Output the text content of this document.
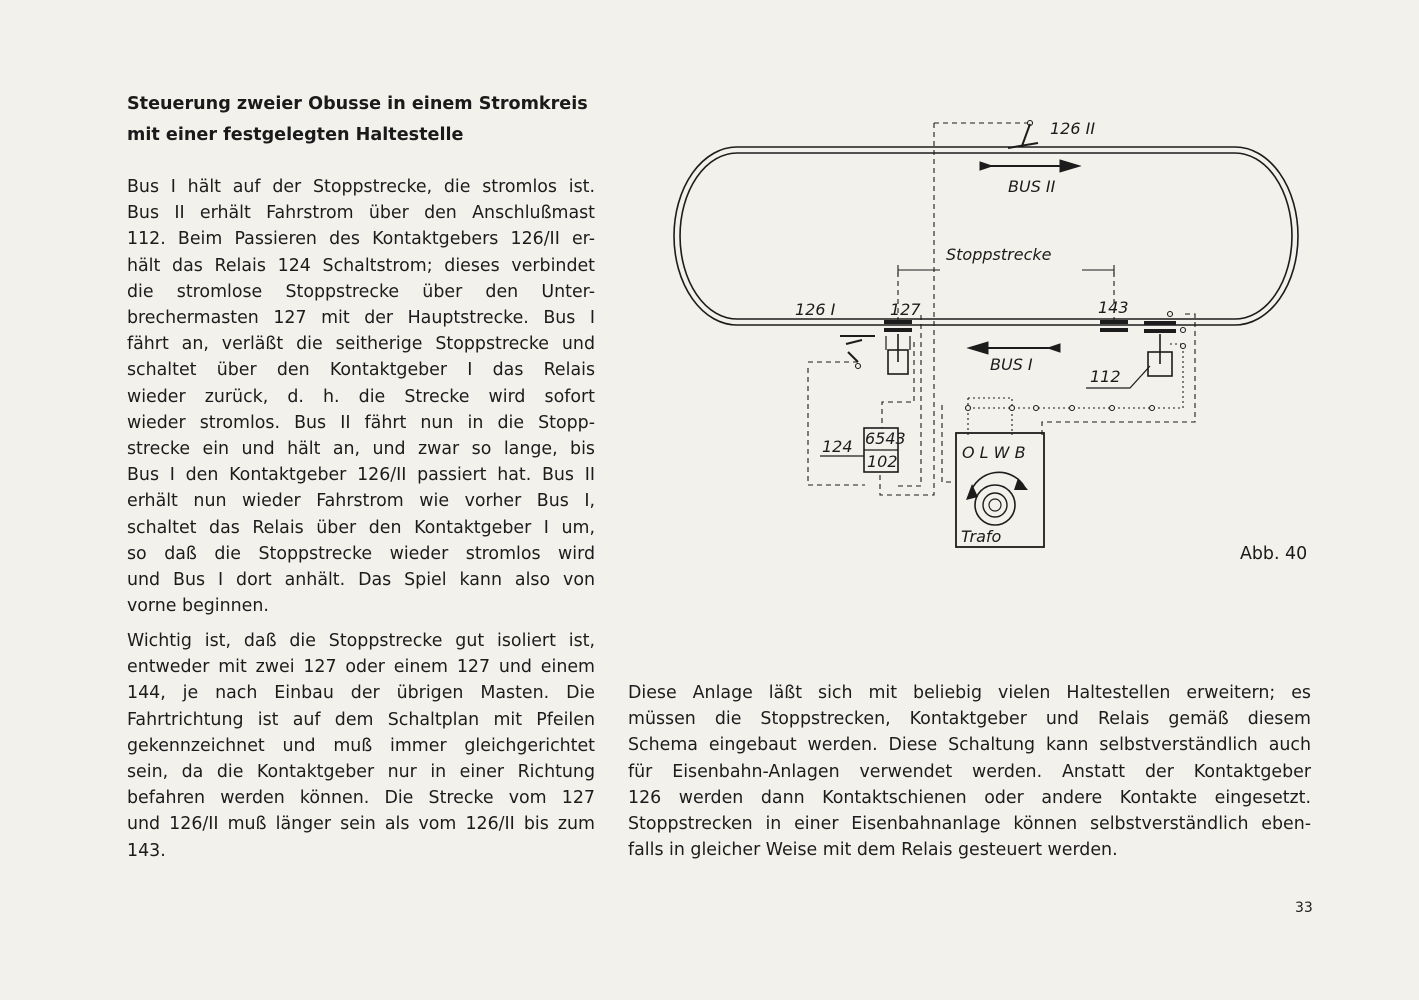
Steuerung zweier Obusse in einem Stromkreis
mit einer festgelegten Haltestelle
Bus I hält auf der Stoppstrecke, die stromlos ist.
Bus II erhält Fahrstrom über den Anschlußmast
112. Beim Passieren des Kontaktgebers 126/II er-
hält das Relais 124 Schaltstrom; dieses verbindet
die stromlose Stoppstrecke über den Unter-
brechermasten 127 mit der Hauptstrecke. Bus I
fährt an, verläßt die seitherige Stoppstrecke und
schaltet über den Kontaktgeber I das Relais
wieder zurück, d. h. die Strecke wird sofort
wieder stromlos. Bus II fährt nun in die Stopp-
strecke ein und hält an, und zwar so lange, bis
Bus I den Kontaktgeber 126/II passiert hat. Bus II
erhält nun wieder Fahrstrom wie vorher Bus I,
schaltet das Relais über den Kontaktgeber I um,
so daß die Stoppstrecke wieder stromlos wird
und Bus I dort anhält. Das Spiel kann also von
vorne beginnen.
Wichtig ist, daß die Stoppstrecke gut isoliert ist,
entweder mit zwei 127 oder einem 127 und einem
144, je nach Einbau der übrigen Masten. Die
Fahrtrichtung ist auf dem Schaltplan mit Pfeilen
gekennzeichnet und muß immer gleichgerichtet
sein, da die Kontaktgeber nur in einer Richtung
befahren werden können. Die Strecke vom 127
und 126/II muß länger sein als vom 126/II bis zum
143.
Diese Anlage läßt sich mit beliebig vielen Haltestellen erweitern; es
müssen die Stoppstrecken, Kontaktgeber und Relais gemäß diesem
Schema eingebaut werden. Diese Schaltung kann selbstverständlich auch
für Eisenbahn-Anlagen verwendet werden. Anstatt der Kontaktgeber
126 werden dann Kontaktschienen oder andere Kontakte eingesetzt.
Stoppstrecken in einer Eisenbahnanlage können selbstverständlich eben-
falls in gleicher Weise mit dem Relais gesteuert werden.
126 II
BUS II
Stoppstrecke
126 I	127	143
BUS I
112
124 6543
102	O L W B
Trafo
Abb. 40
33
